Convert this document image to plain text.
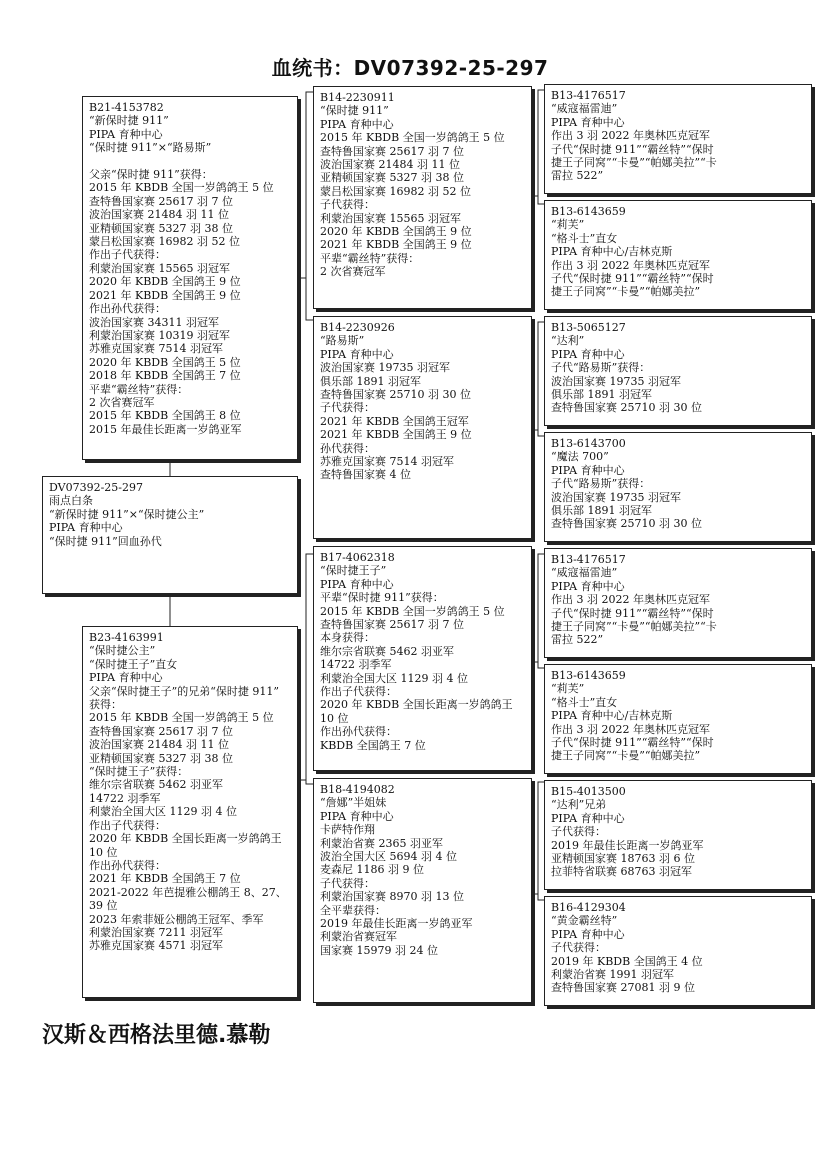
血统书：DV07392-25-297
DV07392-25-297
雨点白条
“新保时捷 911”×“保时捷公主”
PIPA 育种中心
“保时捷 911”回血孙代
B21-4153782
“新保时捷 911”
PIPA 育种中心
“保时捷 911”×“路易斯”

父亲“保时捷 911”获得：
2015 年 KBDB 全国一岁鸽鸽王 5 位
查特鲁国家赛 25617 羽 7 位
波治国家赛 21484 羽 11 位
亚精顿国家赛 5327 羽 38 位
蒙吕松国家赛 16982 羽 52 位
作出子代获得：
利蒙治国家赛 15565 羽冠军
2020 年 KBDB 全国鸽王 9 位
2021 年 KBDB 全国鸽王 9 位
作出孙代获得：
波治国家赛 34311 羽冠军
利蒙治国家赛 10319 羽冠军
苏雅克国家赛 7514 羽冠军
2020 年 KBDB 全国鸽王 5 位
2018 年 KBDB 全国鸽王 7 位
平辈“霸丝特”获得：
2 次省赛冠军
2015 年 KBDB 全国鸽王 8 位
2015 年最佳长距离一岁鸽亚军
B23-4163991
“保时捷公主”
“保时捷王子”直女
PIPA 育种中心
父亲“保时捷王子”的兄弟“保时捷 911”
获得：
2015 年 KBDB 全国一岁鸽鸽王 5 位
查特鲁国家赛 25617 羽 7 位
波治国家赛 21484 羽 11 位
亚精顿国家赛 5327 羽 38 位
“保时捷王子”获得：
维尔宗省联赛 5462 羽亚军
14722 羽季军
利蒙治全国大区 1129 羽 4 位
作出子代获得：
2020 年 KBDB 全国长距离一岁鸽鸽王
10 位
作出孙代获得：
2021 年 KBDB 全国鸽王 7 位
2021-2022 年芭提雅公棚鸽王 8、27、
39 位
2023 年索菲娅公棚鸽王冠军、季军
利蒙治国家赛 7211 羽冠军
苏雅克国家赛 4571 羽冠军
B14-2230911
“保时捷 911”
PIPA 育种中心
2015 年 KBDB 全国一岁鸽鸽王 5 位
查特鲁国家赛 25617 羽 7 位
波治国家赛 21484 羽 11 位
亚精顿国家赛 5327 羽 38 位
蒙吕松国家赛 16982 羽 52 位
子代获得：
利蒙治国家赛 15565 羽冠军
2020 年 KBDB 全国鸽王 9 位
2021 年 KBDB 全国鸽王 9 位
平辈“霸丝特”获得：
2 次省赛冠军
B14-2230926
“路易斯”
PIPA 育种中心
波治国家赛 19735 羽冠军
俱乐部 1891 羽冠军
查特鲁国家赛 25710 羽 30 位
子代获得：
2021 年 KBDB 全国鸽王冠军
2021 年 KBDB 全国鸽王 9 位
孙代获得：
苏雅克国家赛 7514 羽冠军
查特鲁国家赛 4 位
B17-4062318
“保时捷王子”
PIPA 育种中心
平辈“保时捷 911”获得：
2015 年 KBDB 全国一岁鸽鸽王 5 位
查特鲁国家赛 25617 羽 7 位
本身获得：
维尔宗省联赛 5462 羽亚军
14722 羽季军
利蒙治全国大区 1129 羽 4 位
作出子代获得：
2020 年 KBDB 全国长距离一岁鸽鸽王
10 位
作出孙代获得：
KBDB 全国鸽王 7 位
B18-4194082
“詹娜”半姐妹
PIPA 育种中心
卡萨特作翔
利蒙治省赛 2365 羽亚军
波治全国大区 5694 羽 4 位
麦森尼 1186 羽 9 位
子代获得：
利蒙治国家赛 8970 羽 13 位
全平辈获得：
2019 年最佳长距离一岁鸽亚军
利蒙治省赛冠军
国家赛 15979 羽 24 位
B13-4176517
“威寇福雷迪”
PIPA 育种中心
作出 3 羽 2022 年奥林匹克冠军
子代“保时捷 911”“霸丝特”“保时
捷王子同窝”“卡曼”“帕娜美拉”“卡
雷拉 522”
B13-6143659
“莉芙”
“格斗士”直女
PIPA 育种中心/吉林克斯
作出 3 羽 2022 年奥林匹克冠军
子代“保时捷 911”“霸丝特”“保时
捷王子同窝”“卡曼”“帕娜美拉”
B13-5065127
“达利”
PIPA 育种中心
子代“路易斯”获得：
波治国家赛 19735 羽冠军
俱乐部 1891 羽冠军
查特鲁国家赛 25710 羽 30 位
B13-6143700
“魔法 700”
PIPA 育种中心
子代“路易斯”获得：
波治国家赛 19735 羽冠军
俱乐部 1891 羽冠军
查特鲁国家赛 25710 羽 30 位
B13-4176517
“威寇福雷迪”
PIPA 育种中心
作出 3 羽 2022 年奥林匹克冠军
子代“保时捷 911”“霸丝特”“保时
捷王子同窝”“卡曼”“帕娜美拉”“卡
雷拉 522”
B13-6143659
“莉芙”
“格斗士”直女
PIPA 育种中心/吉林克斯
作出 3 羽 2022 年奥林匹克冠军
子代“保时捷 911”“霸丝特”“保时
捷王子同窝”“卡曼”“帕娜美拉”
B15-4013500
“达利”兄弟
PIPA 育种中心
子代获得：
2019 年最佳长距离一岁鸽亚军
亚精顿国家赛 18763 羽 6 位
拉菲特省联赛 68763 羽冠军
B16-4129304
“黄金霸丝特”
PIPA 育种中心
子代获得：
2019 年 KBDB 全国鸽王 4 位
利蒙治省赛 1991 羽冠军
查特鲁国家赛 27081 羽 9 位
汉斯＆西格法里德.慕勒
